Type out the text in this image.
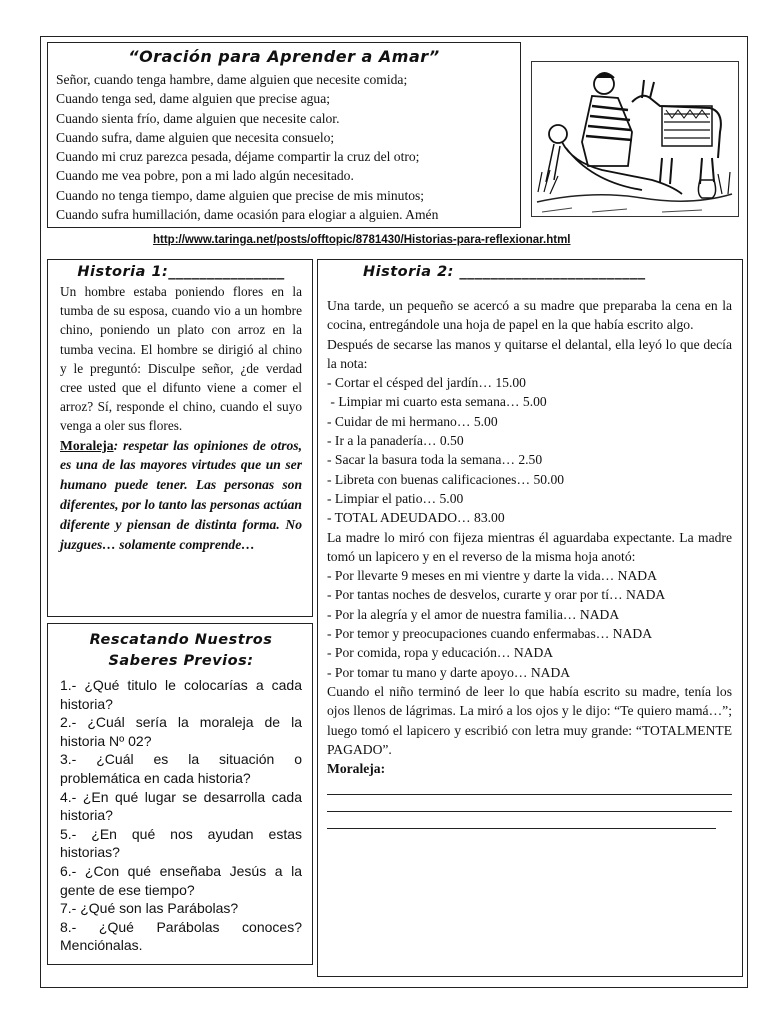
“Oración para Aprender a Amar”
Señor, cuando tenga hambre, dame alguien que necesite comida;
Cuando tenga sed, dame alguien que precise agua;
Cuando sienta frío, dame alguien que necesite calor.
Cuando sufra, dame alguien que necesita consuelo;
Cuando mi cruz parezca pesada, déjame compartir la cruz del otro;
Cuando me vea pobre, pon a mi lado algún necesitado.
Cuando no tenga tiempo, dame alguien que precise de mis minutos;
Cuando sufra humillación, dame ocasión para elogiar a alguien. Amén
http://www.taringa.net/posts/offtopic/8781430/Historias-para-reflexionar.html
Historia 1:_______________
Un hombre estaba poniendo flores en la tumba de su esposa, cuando vio a un hombre chino, poniendo un plato con arroz en la tumba vecina. El hombre se dirigió al chino y le preguntó: Disculpe señor, ¿de verdad cree usted que el difunto viene a comer el arroz? Sí, responde el chino, cuando el suyo venga a oler sus flores.
Moraleja: respetar las opiniones de otros, es una de las mayores virtudes que un ser humano puede tener. Las personas son diferentes, por lo tanto las personas actúan diferente y piensan de distinta forma. No juzgues… solamente comprende…
Rescatando Nuestros
Saberes Previos:
1.- ¿Qué titulo le colocarías a cada historia?
2.- ¿Cuál sería la moraleja de la historia Nº 02?
3.- ¿Cuál es la situación o problemática en cada historia?
4.- ¿En qué lugar se desarrolla cada historia?
5.- ¿En qué nos ayudan estas historias?
6.- ¿Con qué enseñaba Jesús a la gente de ese tiempo?
7.- ¿Qué son las Parábolas?
8.- ¿Qué Parábolas conoces? Menciónalas.
Historia 2: ________________________
Una tarde, un pequeño se acercó a su madre que preparaba la cena en la cocina, entregándole una hoja de papel en la que había escrito algo.
Después de secarse las manos y quitarse el delantal, ella leyó lo que decía la nota:
- Cortar el césped del jardín… 15.00
- Limpiar mi cuarto esta semana… 5.00
- Cuidar de mi hermano… 5.00
- Ir a la panadería… 0.50
- Sacar la basura toda la semana… 2.50
- Libreta con buenas calificaciones… 50.00
- Limpiar el patio… 5.00
- TOTAL ADEUDADO… 83.00
La madre lo miró con fijeza mientras él aguardaba expectante. La madre tomó un lapicero y en el reverso de la misma hoja anotó:
- Por llevarte 9 meses en mi vientre y darte la vida… NADA
- Por tantas noches de desvelos, curarte y orar por tí… NADA
- Por la alegría y el amor de nuestra familia… NADA
- Por temor y preocupaciones cuando enfermabas… NADA
- Por comida, ropa y educación… NADA
- Por tomar tu mano y darte apoyo… NADA
Cuando el niño terminó de leer lo que había escrito su madre, tenía los ojos llenos de lágrimas. La miró a los ojos y le dijo: “Te quiero mamá…”; luego tomó el lapicero y escribió con letra muy grande: “TOTALMENTE PAGADO”.
Moraleja:
